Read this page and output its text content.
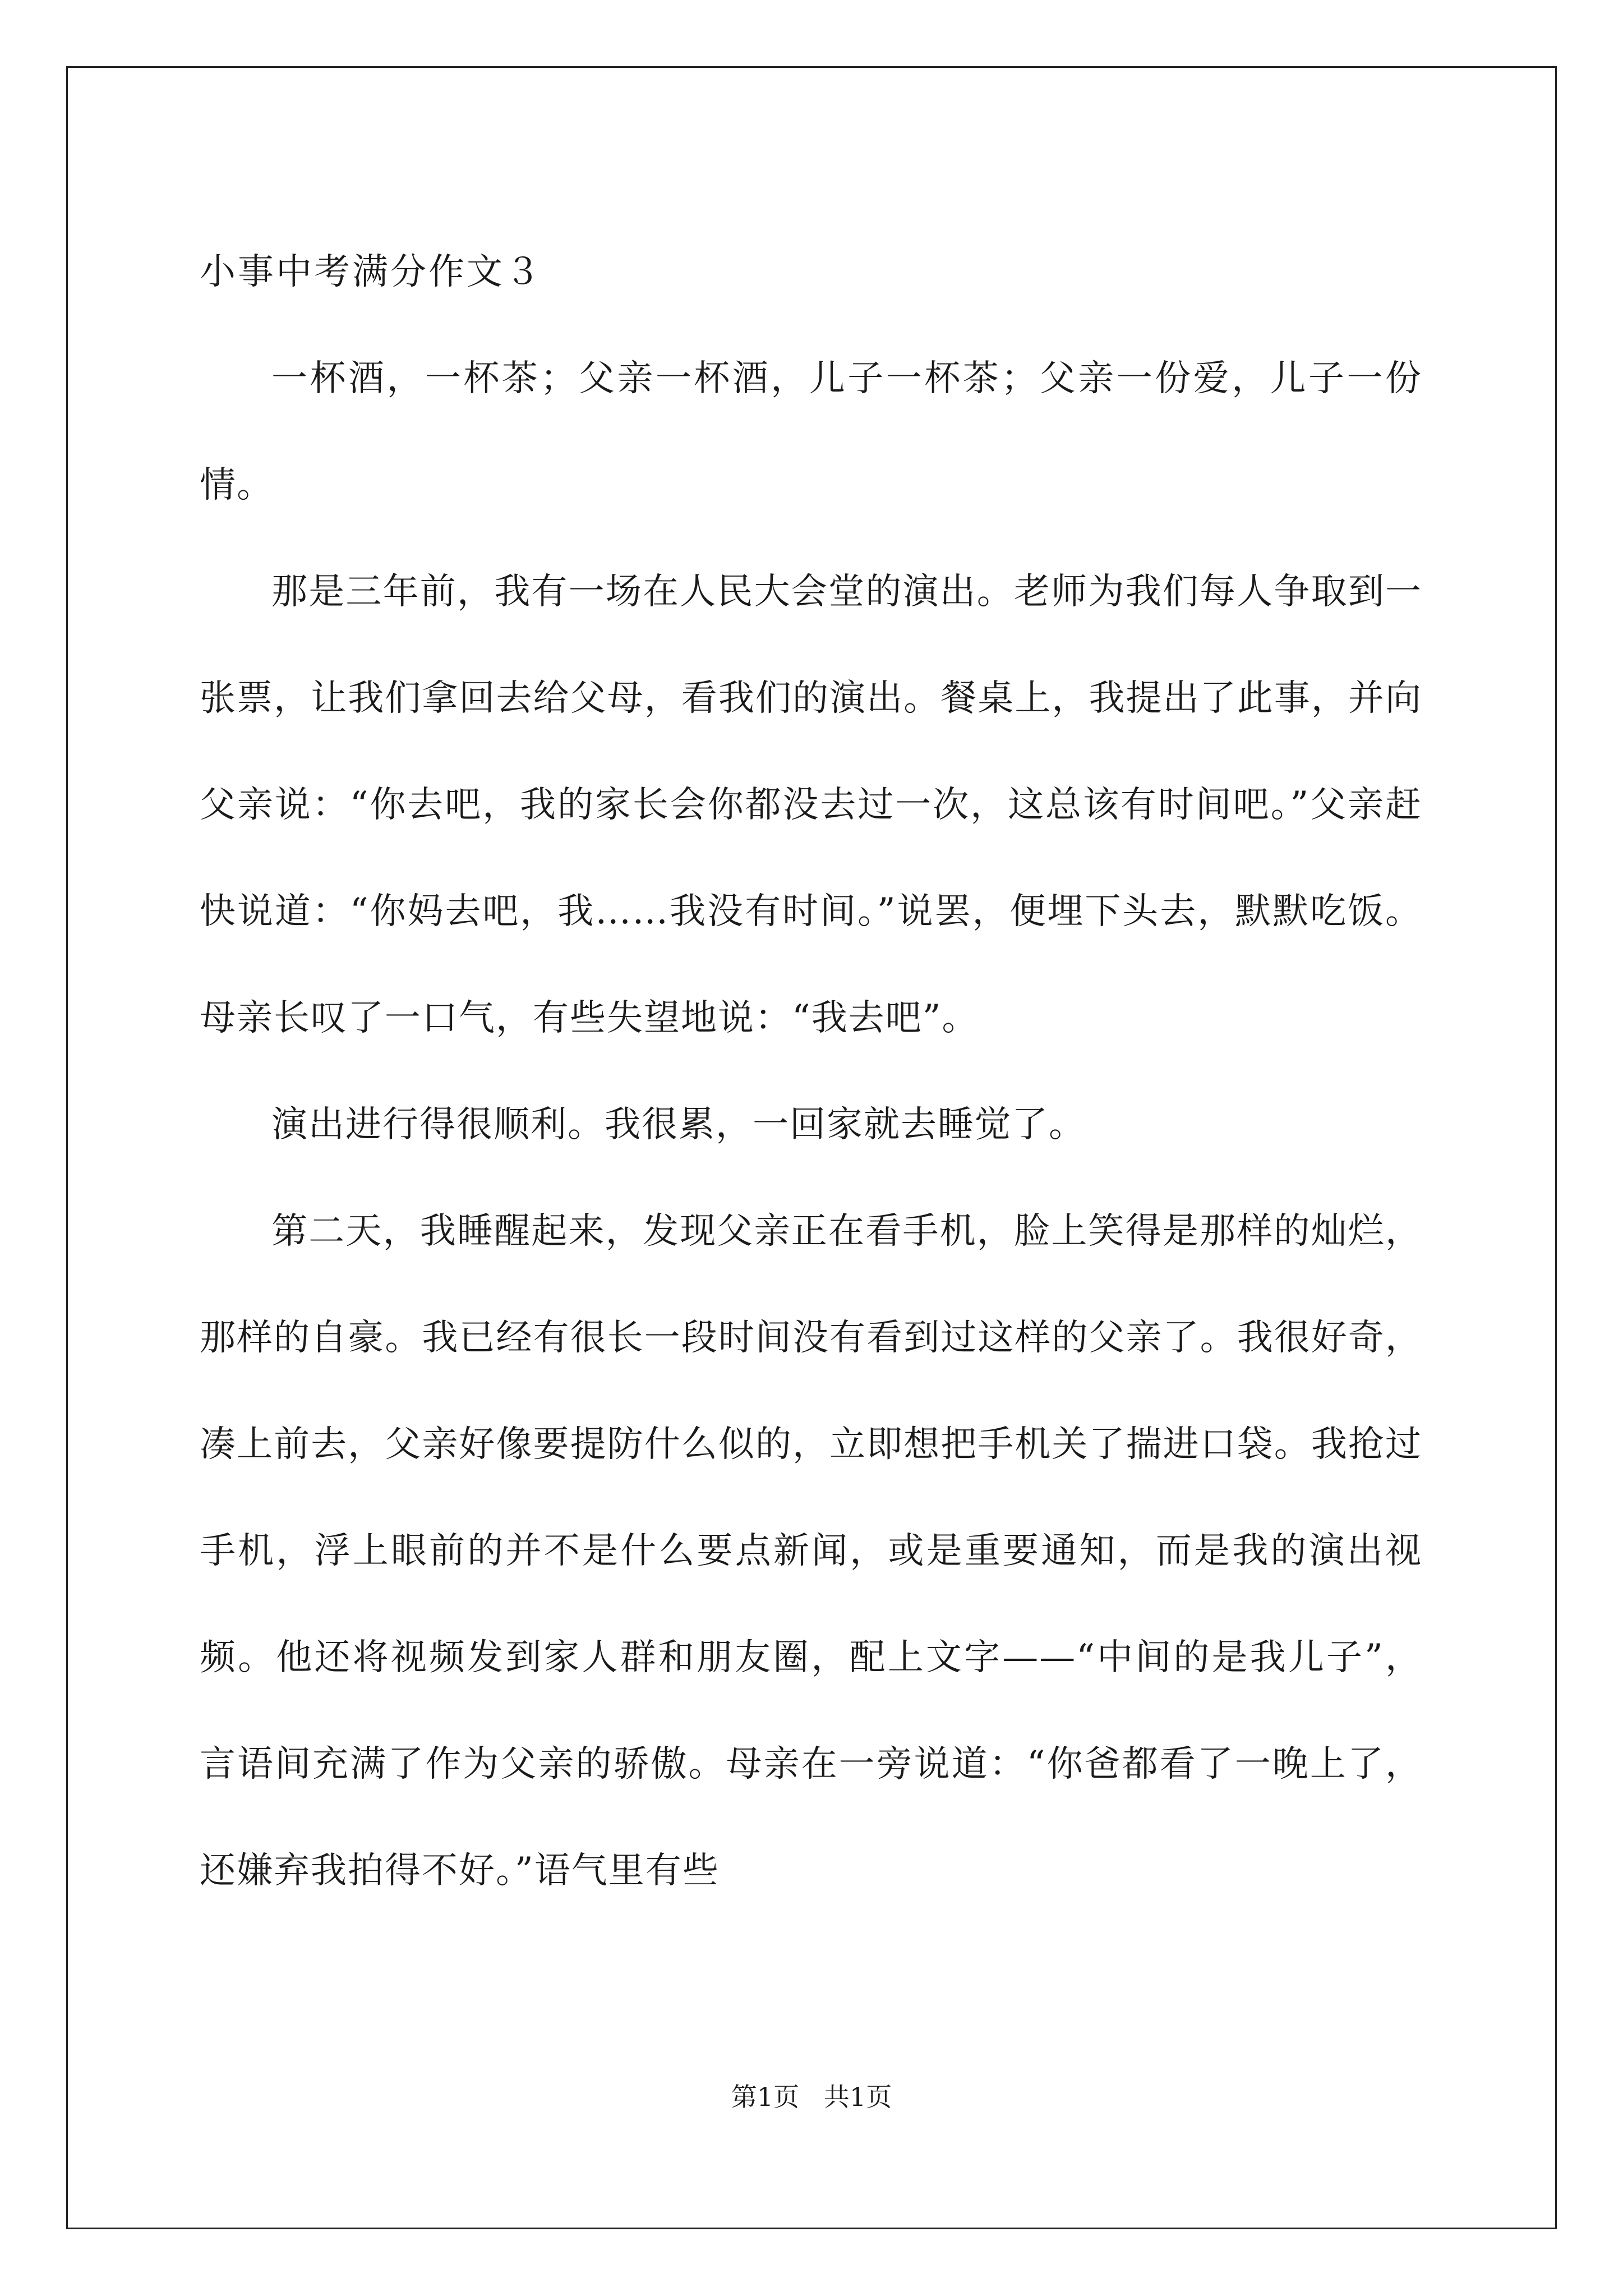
小事中考满分作文３

一杯酒，一杯茶；父亲一杯酒，儿子一杯茶；父亲一份爱，儿子一份情。

那是三年前，我有一场在人民大会堂的演出。老师为我们每人争取到一张票，让我们拿回去给父母，看我们的演出。餐桌上，我提出了此事，并向父亲说：“你去吧，我的家长会你都没去过一次，这总该有时间吧。”父亲赶快说道：“你妈去吧，我……我没有时间。”说罢，便埋下头去，默默吃饭。母亲长叹了一口气，有些失望地说：“我去吧”。

演出进行得很顺利。我很累，一回家就去睡觉了。

第二天，我睡醒起来，发现父亲正在看手机，脸上笑得是那样的灿烂，那样的自豪。我已经有很长一段时间没有看到过这样的父亲了。我很好奇，凑上前去，父亲好像要提防什么似的，立即想把手机关了揣进口袋。我抢过手机，浮上眼前的并不是什么要点新闻，或是重要通知，而是我的演出视频。他还将视频发到家人群和朋友圈，配上文字——“中间的是我儿子”，言语间充满了作为父亲的骄傲。母亲在一旁说道：“你爸都看了一晚上了，还嫌弃我拍得不好。”语气里有些

第1页   共1页
